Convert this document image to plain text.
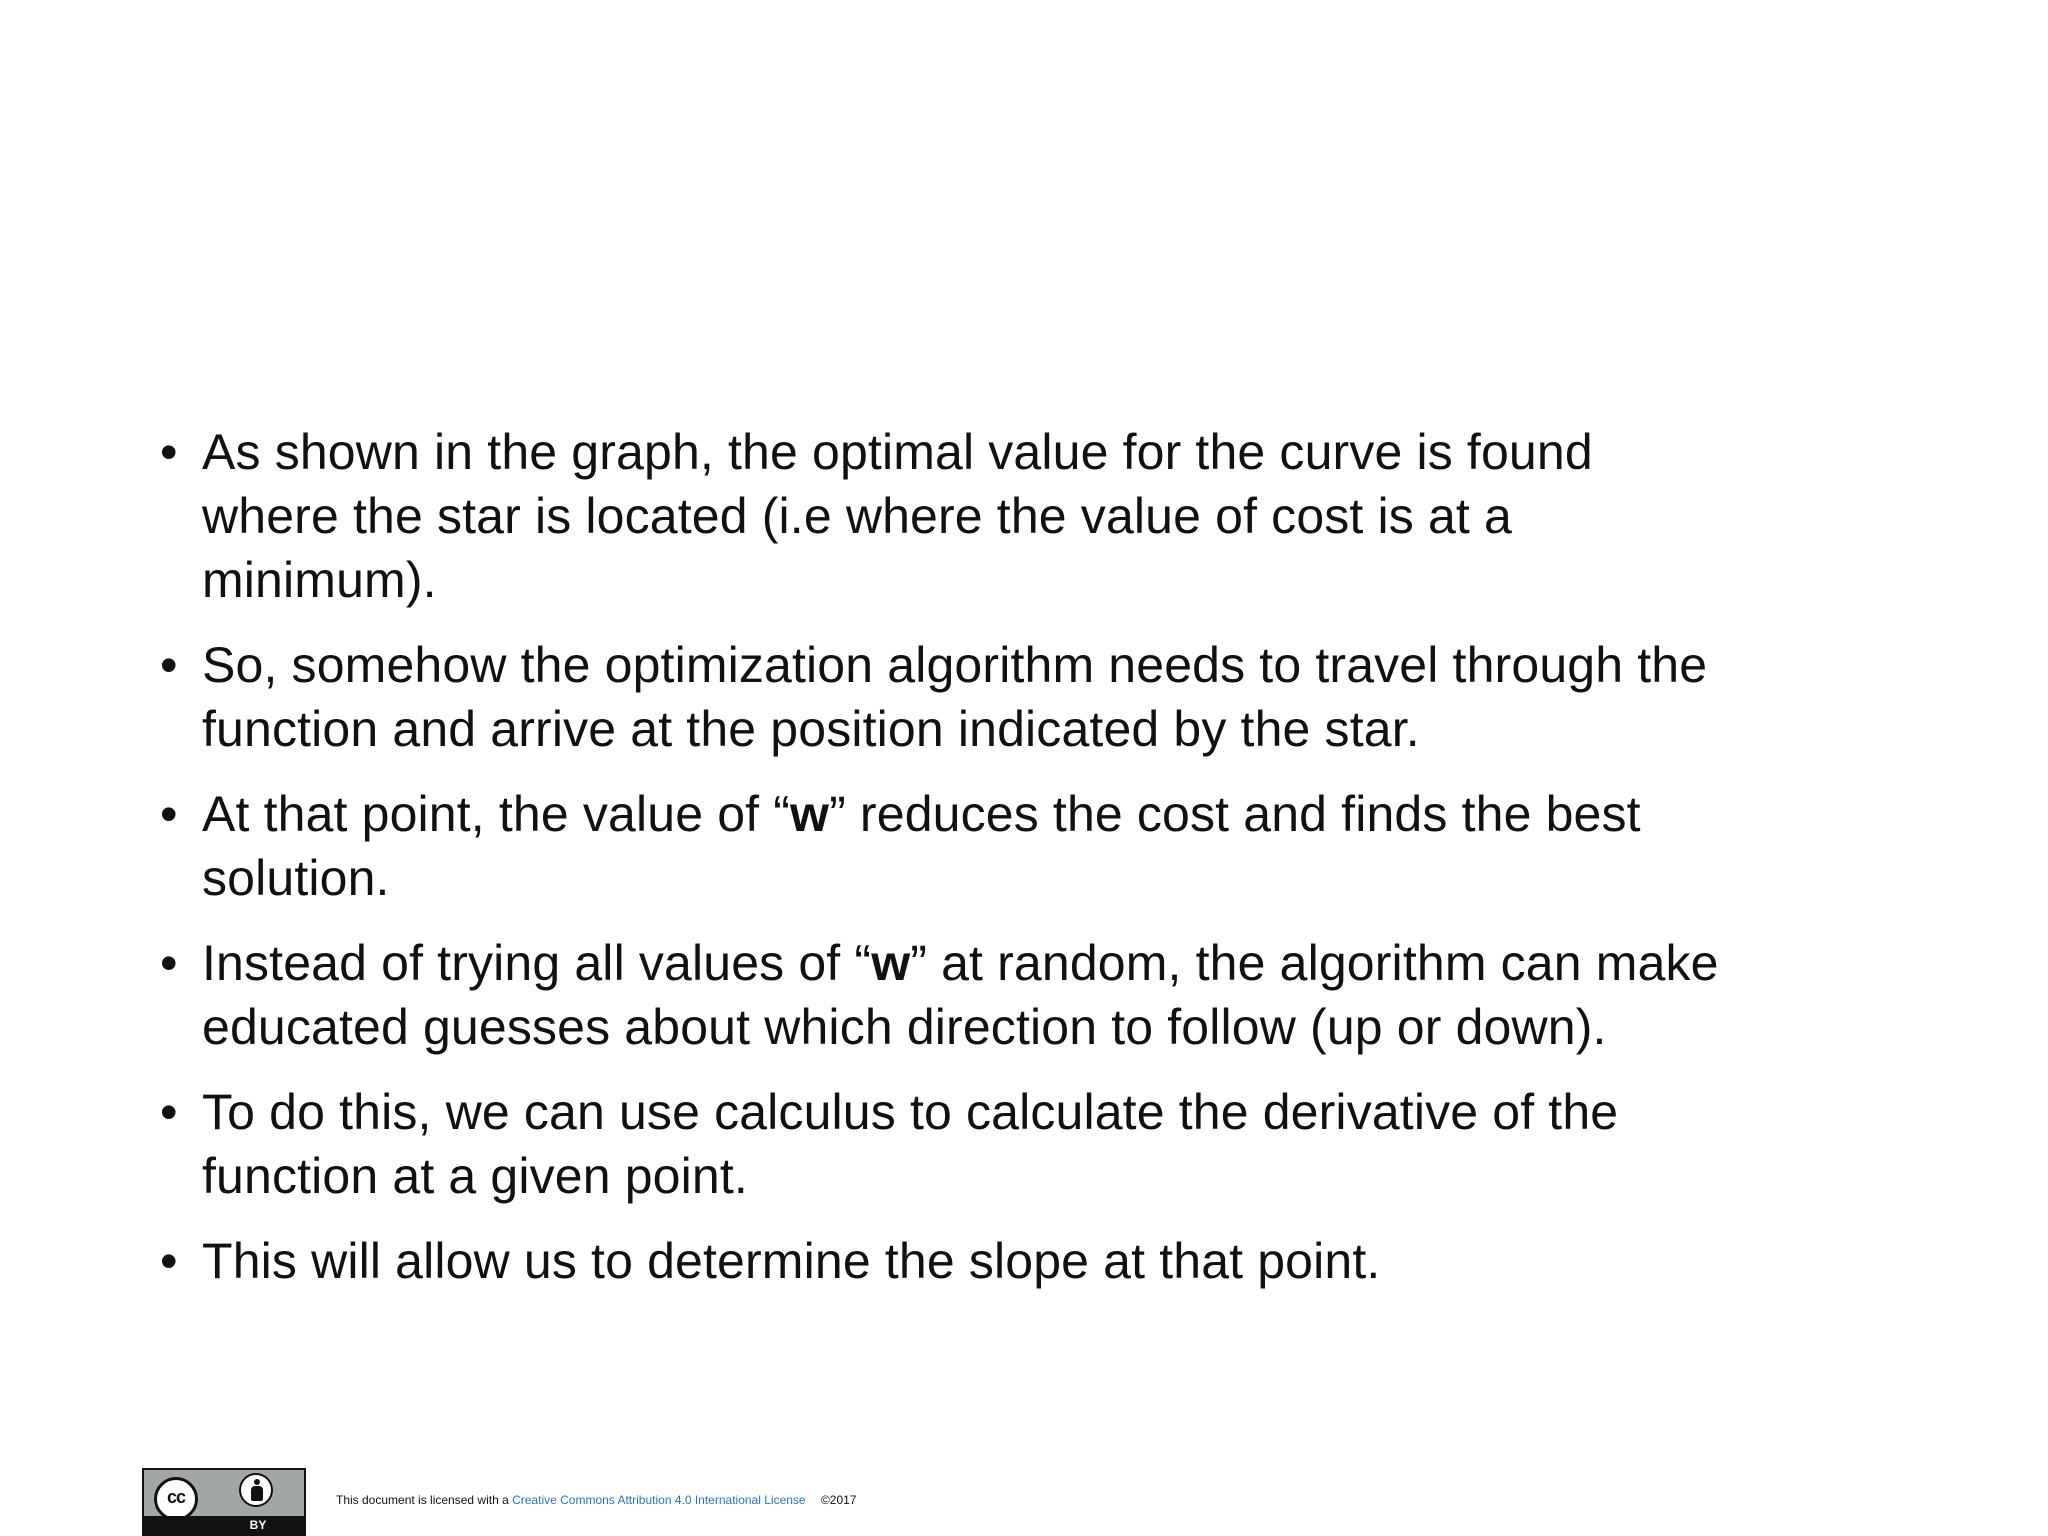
• As shown in the graph, the optimal value for the curve is found
where the star is located (i.e where the value of cost is at a
minimum).
• So, somehow the optimization algorithm needs to travel through the
function and arrive at the position indicated by the star.
• At that point, the value of “w” reduces the cost and finds the best
solution.
• Instead of trying all values of “w” at random, the algorithm can make
educated guesses about which direction to follow (up or down).
• To do this, we can use calculus to calculate the derivative of the
function at a given point.
• This will allow us to determine the slope at that point.
cc
BY
This document is licensed with a Creative Commons Attribution 4.0 International License ©2017
